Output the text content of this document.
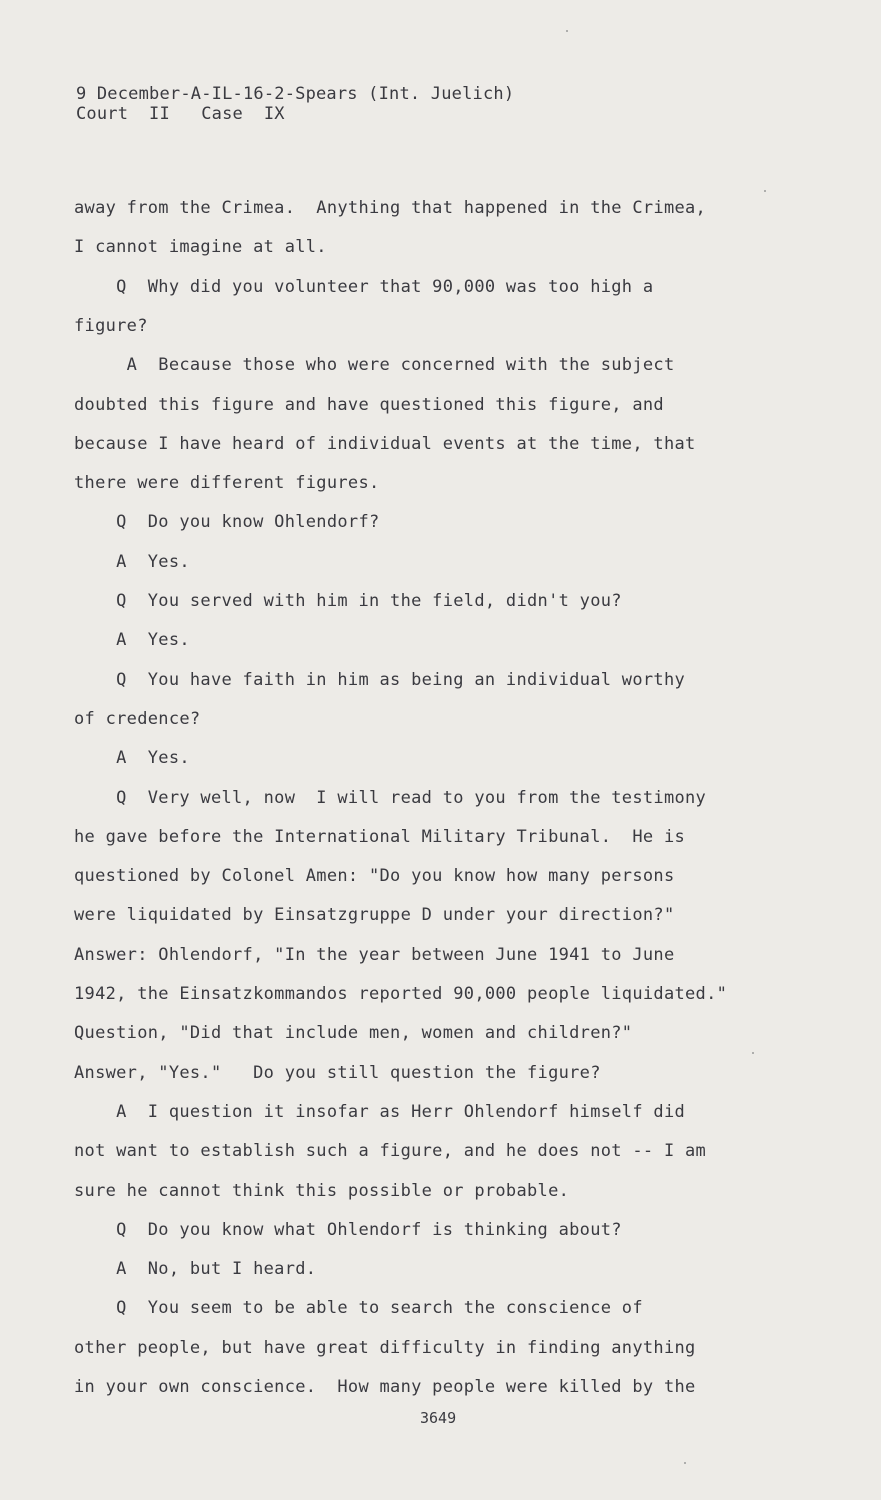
9 December-A-IL-16-2-Spears (Int. Juelich)
Court  II   Case  IX
away from the Crimea.  Anything that happened in the Crimea,
I cannot imagine at all.
Q  Why did you volunteer that 90,000 was too high a
figure?
A  Because those who were concerned with the subject
doubted this figure and have questioned this figure, and
because I have heard of individual events at the time, that
there were different figures.
Q  Do you know Ohlendorf?
A  Yes.
Q  You served with him in the field, didn't you?
A  Yes.
Q  You have faith in him as being an individual worthy
of credence?
A  Yes.
Q  Very well, now  I will read to you from the testimony
he gave before the International Military Tribunal.  He is
questioned by Colonel Amen: "Do you know how many persons
were liquidated by Einsatzgruppe D under your direction?"
Answer: Ohlendorf, "In the year between June 1941 to June
1942, the Einsatzkommandos reported 90,000 people liquidated."
Question, "Did that include men, women and children?"
Answer, "Yes."   Do you still question the figure?
A  I question it insofar as Herr Ohlendorf himself did
not want to establish such a figure, and he does not -- I am
sure he cannot think this possible or probable.
Q  Do you know what Ohlendorf is thinking about?
A  No, but I heard.
Q  You seem to be able to search the conscience of
other people, but have great difficulty in finding anything
in your own conscience.  How many people were killed by the
3649
